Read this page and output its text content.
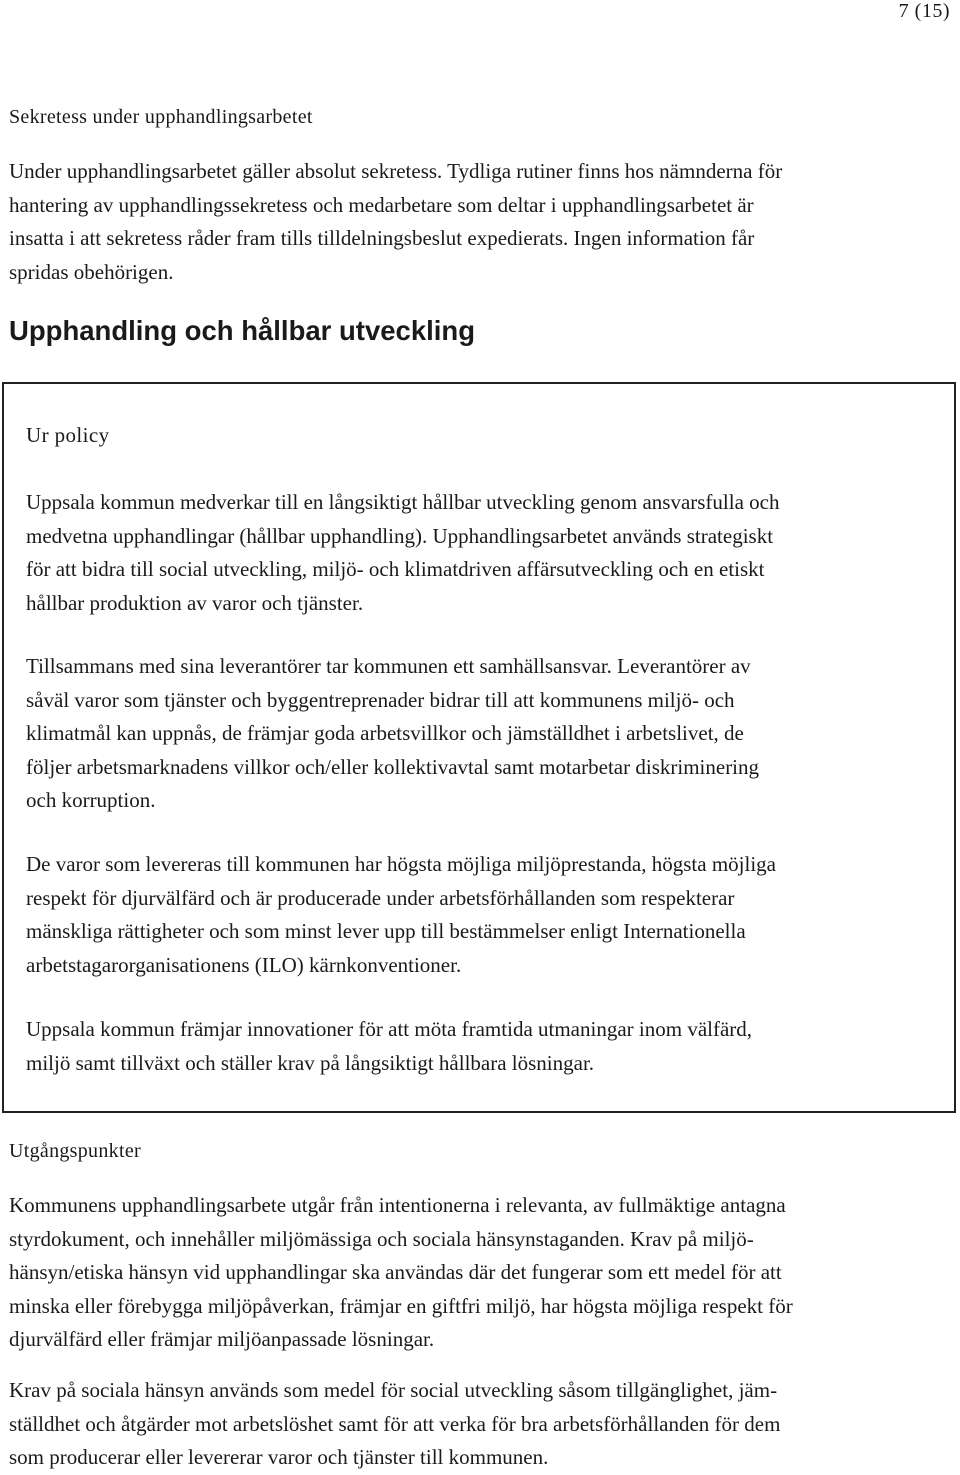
7 (15)
Sekretess under upphandlingsarbetet

Under upphandlingsarbetet gäller absolut sekretess. Tydliga rutiner finns hos nämnderna för
hantering av upphandlingssekretess och medarbetare som deltar i upphandlingsarbetet är
insatta i att sekretess råder fram tills tilldelningsbeslut expedierats. Ingen information får
spridas obehörigen.

Upphandling och hållbar utveckling
Ur policy

Uppsala kommun medverkar till en långsiktigt hållbar utveckling genom ansvarsfulla och
medvetna upphandlingar (hållbar upphandling). Upphandlingsarbetet används strategiskt
för att bidra till social utveckling, miljö- och klimatdriven affärsutveckling och en etiskt
hållbar produktion av varor och tjänster.

Tillsammans med sina leverantörer tar kommunen ett samhällsansvar. Leverantörer av
såväl varor som tjänster och byggentreprenader bidrar till att kommunens miljö- och
klimatmål kan uppnås, de främjar goda arbetsvillkor och jämställdhet i arbetslivet, de
följer arbetsmarknadens villkor och/eller kollektivavtal samt motarbetar diskriminering
och korruption.

De varor som levereras till kommunen har högsta möjliga miljöprestanda, högsta möjliga
respekt för djurvälfärd och är producerade under arbetsförhållanden som respekterar
mänskliga rättigheter och som minst lever upp till bestämmelser enligt Internationella
arbetstagarorganisationens (ILO) kärnkonventioner.

Uppsala kommun främjar innovationer för att möta framtida utmaningar inom välfärd,
miljö samt tillväxt och ställer krav på långsiktigt hållbara lösningar.

Utgångspunkter

Kommunens upphandlingsarbete utgår från intentionerna i relevanta, av fullmäktige antagna
styrdokument, och innehåller miljömässiga och sociala hänsynstaganden. Krav på miljö-
hänsyn/etiska hänsyn vid upphandlingar ska användas där det fungerar som ett medel för att
minska eller förebygga miljöpåverkan, främjar en giftfri miljö, har högsta möjliga respekt för
djurvälfärd eller främjar miljöanpassade lösningar.

Krav på sociala hänsyn används som medel för social utveckling såsom tillgänglighet, jäm-
ställdhet och åtgärder mot arbetslöshet samt för att verka för bra arbetsförhållanden för dem
som producerar eller levererar varor och tjänster till kommunen.
